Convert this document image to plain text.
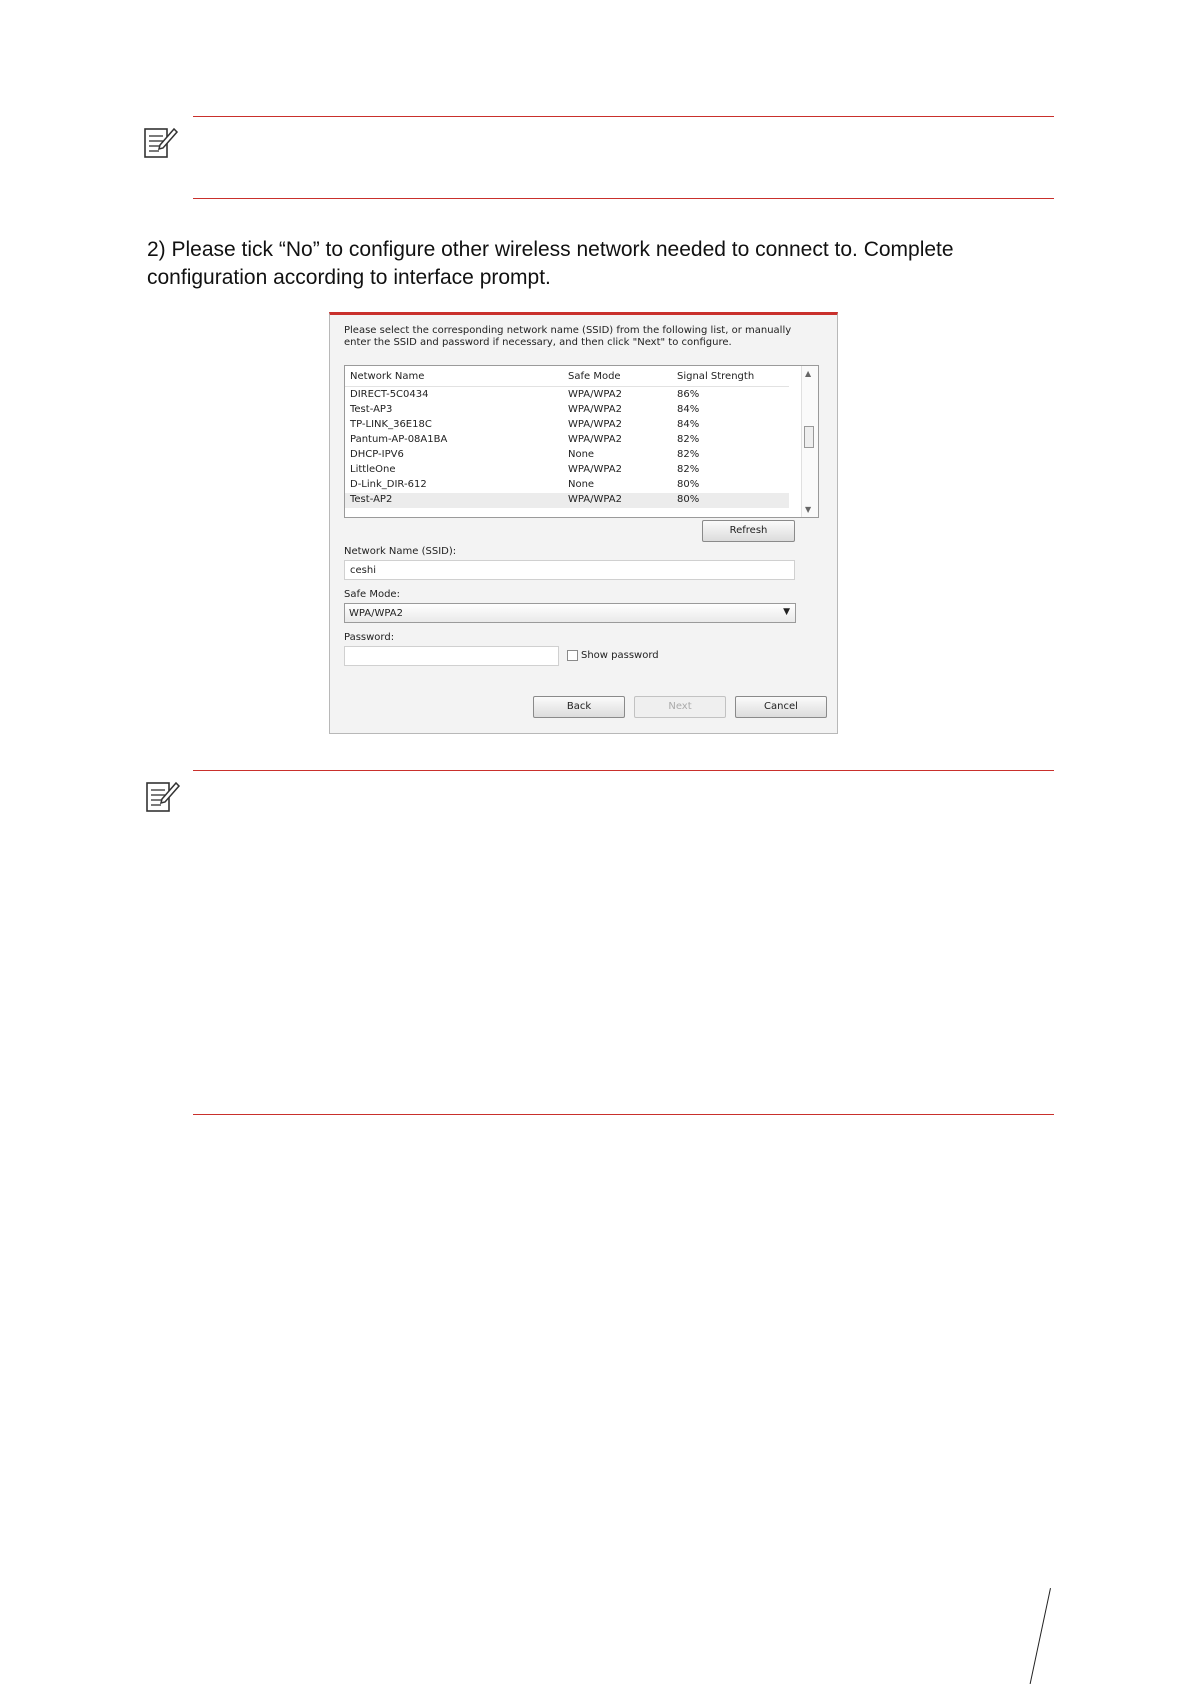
2) Please tick “No” to configure other wireless network needed to connect to. Complete configuration according to interface prompt.

Please select the corresponding network name (SSID) from the following list, or manually enter the SSID and password if necessary, and then click "Next" to configure.

Network Name	Safe Mode	Signal Strength
DIRECT-5C0434	WPA/WPA2	86%
Test-AP3	WPA/WPA2	84%
TP-LINK_36E18C	WPA/WPA2	84%
Pantum-AP-08A1BA	WPA/WPA2	82%
DHCP-IPV6	None	82%
LittleOne	WPA/WPA2	82%
D-Link_DIR-612	None	80%
Test-AP2	WPA/WPA2	80%
▲
▼
Refresh
Network Name (SSID):
ceshi
Safe Mode:
WPA/WPA2	▼
Password:
Show password
Back	Next	Cancel
